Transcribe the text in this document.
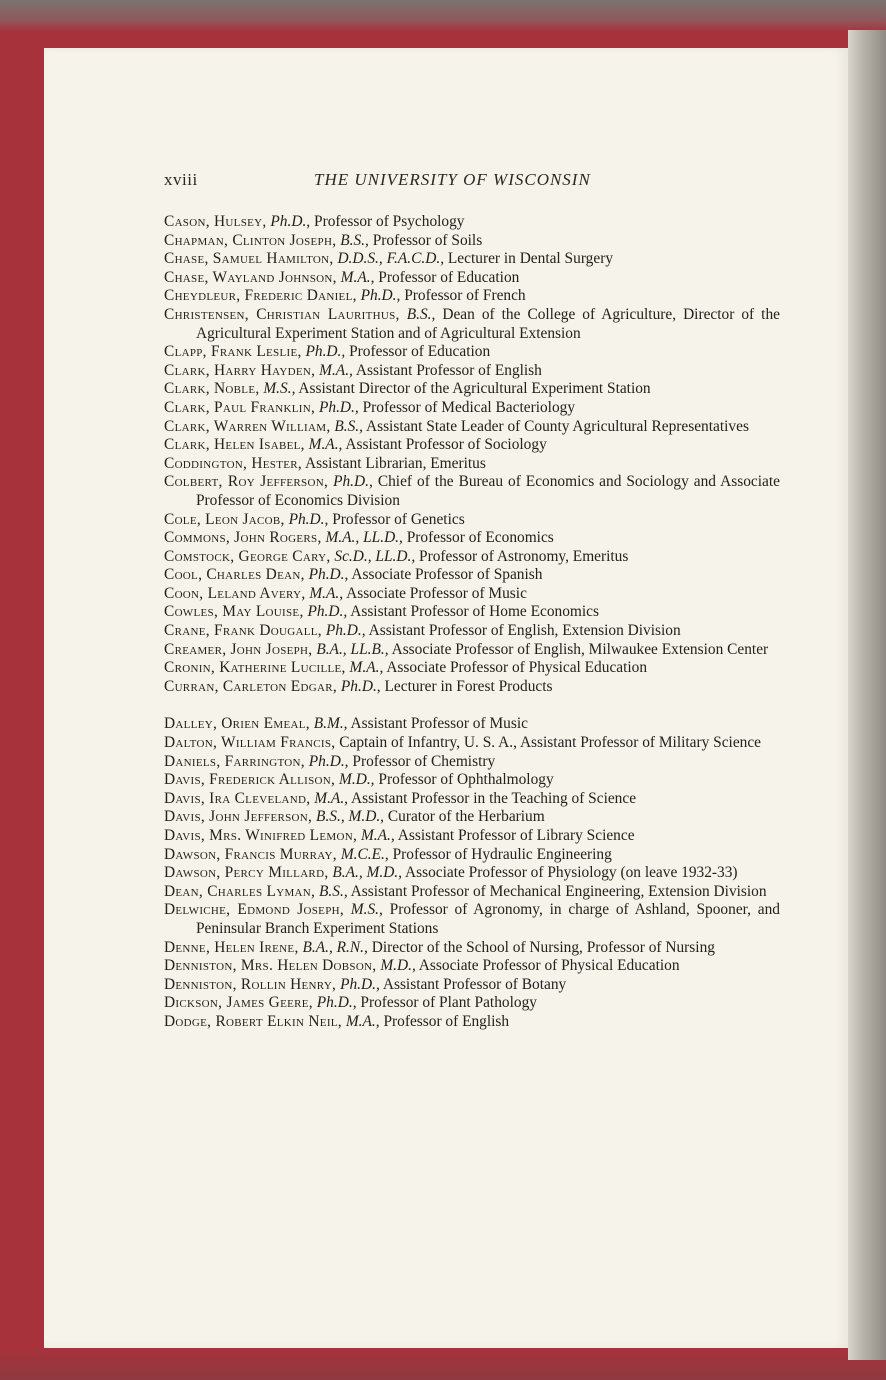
xviii	THE UNIVERSITY OF WISCONSIN

Cason, Hulsey, Ph.D., Professor of Psychology

Chapman, Clinton Joseph, B.S., Professor of Soils

Chase, Samuel Hamilton, D.D.S., F.A.C.D., Lecturer in Dental Surgery

Chase, Wayland Johnson, M.A., Professor of Education

Cheydleur, Frederic Daniel, Ph.D., Professor of French

Christensen, Christian Laurithus, B.S., Dean of the College of Agriculture, Director of the Agricultural Experiment Station and of Agricultural Extension

Clapp, Frank Leslie, Ph.D., Professor of Education

Clark, Harry Hayden, M.A., Assistant Professor of English

Clark, Noble, M.S., Assistant Director of the Agricultural Experiment Station

Clark, Paul Franklin, Ph.D., Professor of Medical Bacteriology

Clark, Warren William, B.S., Assistant State Leader of County Agricultural Representatives

Clark, Helen Isabel, M.A., Assistant Professor of Sociology

Coddington, Hester, Assistant Librarian, Emeritus

Colbert, Roy Jefferson, Ph.D., Chief of the Bureau of Economics and Sociology and Associate Professor of Economics Division

Cole, Leon Jacob, Ph.D., Professor of Genetics

Commons, John Rogers, M.A., LL.D., Professor of Economics

Comstock, George Cary, Sc.D., LL.D., Professor of Astronomy, Emeritus

Cool, Charles Dean, Ph.D., Associate Professor of Spanish

Coon, Leland Avery, M.A., Associate Professor of Music

Cowles, May Louise, Ph.D., Assistant Professor of Home Economics

Crane, Frank Dougall, Ph.D., Assistant Professor of English, Extension Division

Creamer, John Joseph, B.A., LL.B., Associate Professor of English, Milwaukee Extension Center

Cronin, Katherine Lucille, M.A., Associate Professor of Physical Education

Curran, Carleton Edgar, Ph.D., Lecturer in Forest Products

Dalley, Orien Emeal, B.M., Assistant Professor of Music

Dalton, William Francis, Captain of Infantry, U. S. A., Assistant Professor of Military Science

Daniels, Farrington, Ph.D., Professor of Chemistry

Davis, Frederick Allison, M.D., Professor of Ophthalmology

Davis, Ira Cleveland, M.A., Assistant Professor in the Teaching of Science

Davis, John Jefferson, B.S., M.D., Curator of the Herbarium

Davis, Mrs. Winifred Lemon, M.A., Assistant Professor of Library Science

Dawson, Francis Murray, M.C.E., Professor of Hydraulic Engineering

Dawson, Percy Millard, B.A., M.D., Associate Professor of Physiology (on leave 1932-33)

Dean, Charles Lyman, B.S., Assistant Professor of Mechanical Engineering, Extension Division

Delwiche, Edmond Joseph, M.S., Professor of Agronomy, in charge of Ashland, Spooner, and Peninsular Branch Experiment Stations

Denne, Helen Irene, B.A., R.N., Director of the School of Nursing, Professor of Nursing

Denniston, Mrs. Helen Dobson, M.D., Associate Professor of Physical Education

Denniston, Rollin Henry, Ph.D., Assistant Professor of Botany

Dickson, James Geere, Ph.D., Professor of Plant Pathology

Dodge, Robert Elkin Neil, M.A., Professor of English
